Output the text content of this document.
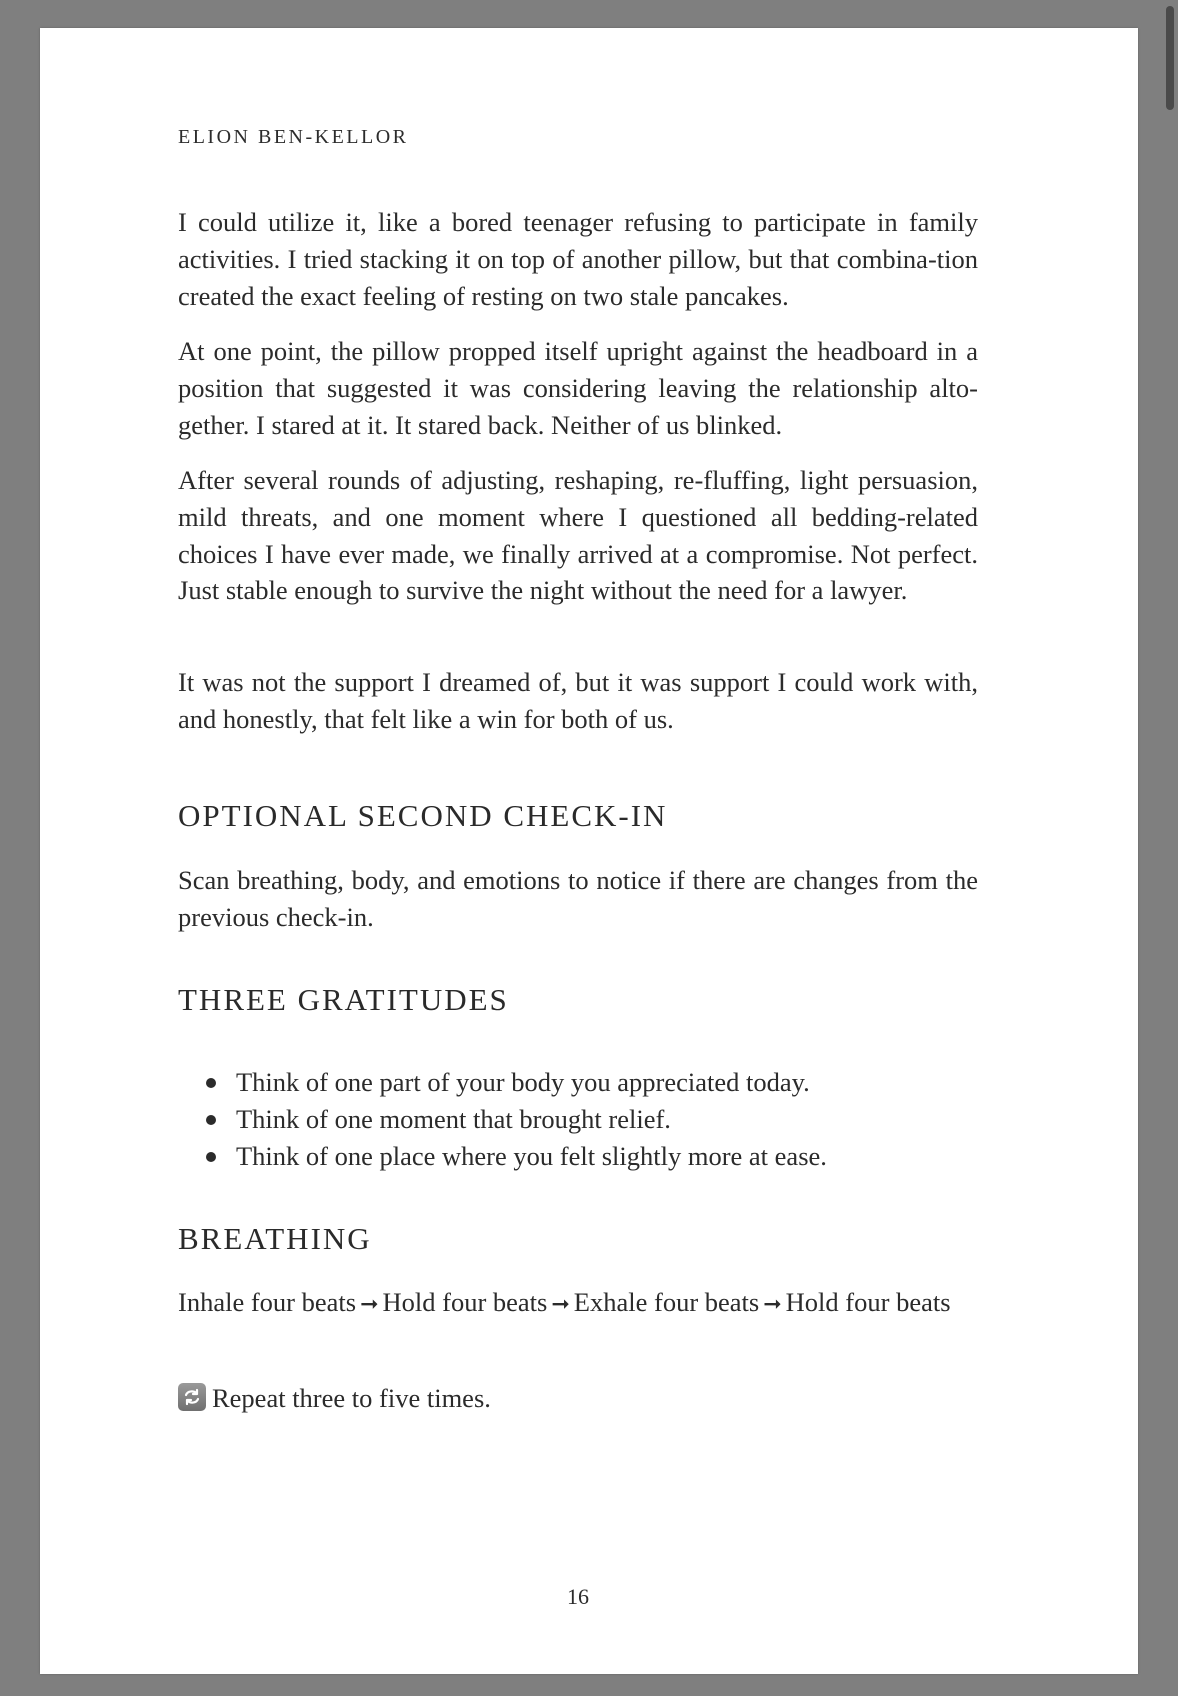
ELION BEN-KELLOR

I could utilize it, like a bored teenager refusing to participate in family activities. I tried stacking it on top of another pillow, but that combina-tion created the exact feeling of resting on two stale pancakes.

At one point, the pillow propped itself upright against the headboard in a position that suggested it was considering leaving the relationship alto-gether. I stared at it. It stared back. Neither of us blinked.

After several rounds of adjusting, reshaping, re-fluffing, light persuasion, mild threats, and one moment where I questioned all bedding-related choices I have ever made, we finally arrived at a compromise. Not perfect. Just stable enough to survive the night without the need for a lawyer.

It was not the support I dreamed of, but it was support I could work with, and honestly, that felt like a win for both of us.

OPTIONAL SECOND CHECK-IN

Scan breathing, body, and emotions to notice if there are changes from the previous check-in.

THREE GRATITUDES
Think of one part of your body you appreciated today.
Think of one moment that brought relief.
Think of one place where you felt slightly more at ease.
BREATHING

Inhale four beats ➞ Hold four beats ➞ Exhale four beats ➞ Hold four beats

Repeat three to five times.

16
